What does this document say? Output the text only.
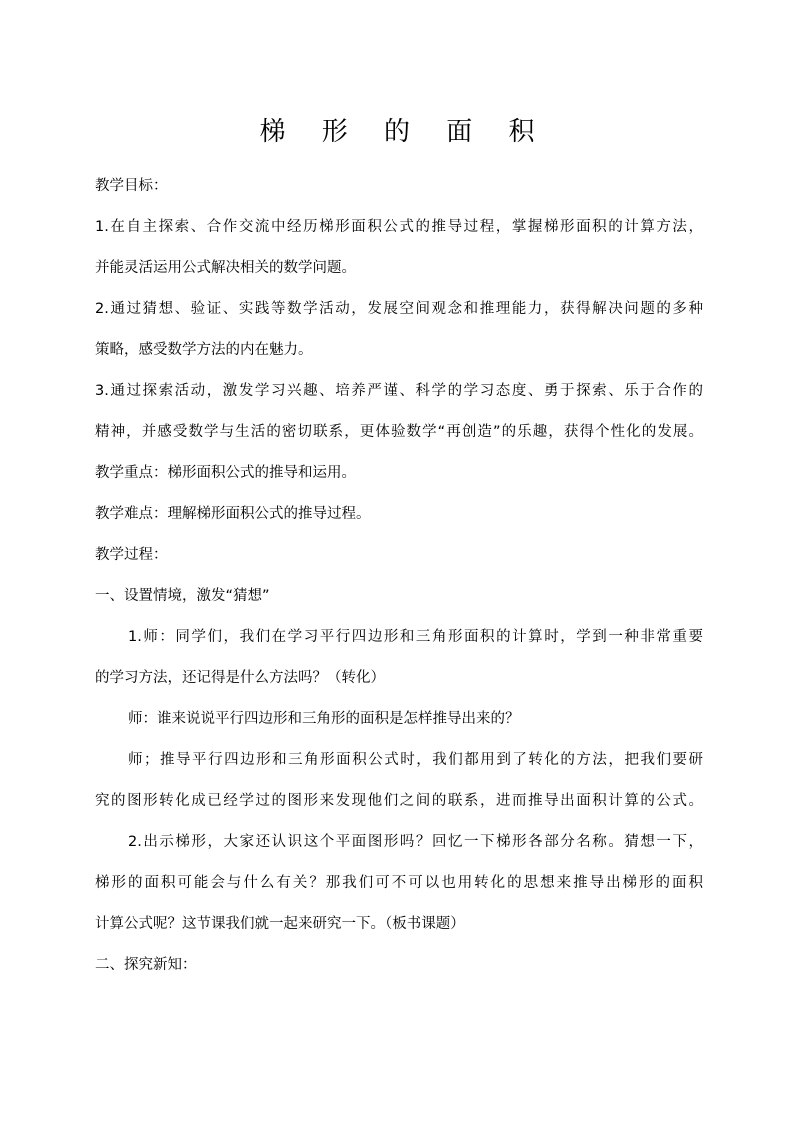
梯 形 的 面 积
教学目标：
1.在自主探索、合作交流中经历梯形面积公式的推导过程，掌握梯形面积的计算方法，
并能灵活运用公式解决相关的数学问题。
2.通过猜想、验证、实践等数学活动，发展空间观念和推理能力，获得解决问题的多种
策略，感受数学方法的内在魅力。
3.通过探索活动，激发学习兴趣、培养严谨、科学的学习态度、勇于探索、乐于合作的
精神，并感受数学与生活的密切联系，更体验数学“再创造”的乐趣，获得个性化的发展。
教学重点：梯形面积公式的推导和运用。
教学难点：理解梯形面积公式的推导过程。
教学过程：
一、设置情境，激发“猜想”
1.师：同学们，我们在学习平行四边形和三角形面积的计算时，学到一种非常重要
的学习方法，还记得是什么方法吗？（转化）
师：谁来说说平行四边形和三角形的面积是怎样推导出来的？
师；推导平行四边形和三角形面积公式时，我们都用到了转化的方法，把我们要研
究的图形转化成已经学过的图形来发现他们之间的联系，进而推导出面积计算的公式。
2.出示梯形，大家还认识这个平面图形吗？回忆一下梯形各部分名称。猜想一下，
梯形的面积可能会与什么有关？那我们可不可以也用转化的思想来推导出梯形的面积
计算公式呢？这节课我们就一起来研究一下。（板书课题）
二、探究新知：
